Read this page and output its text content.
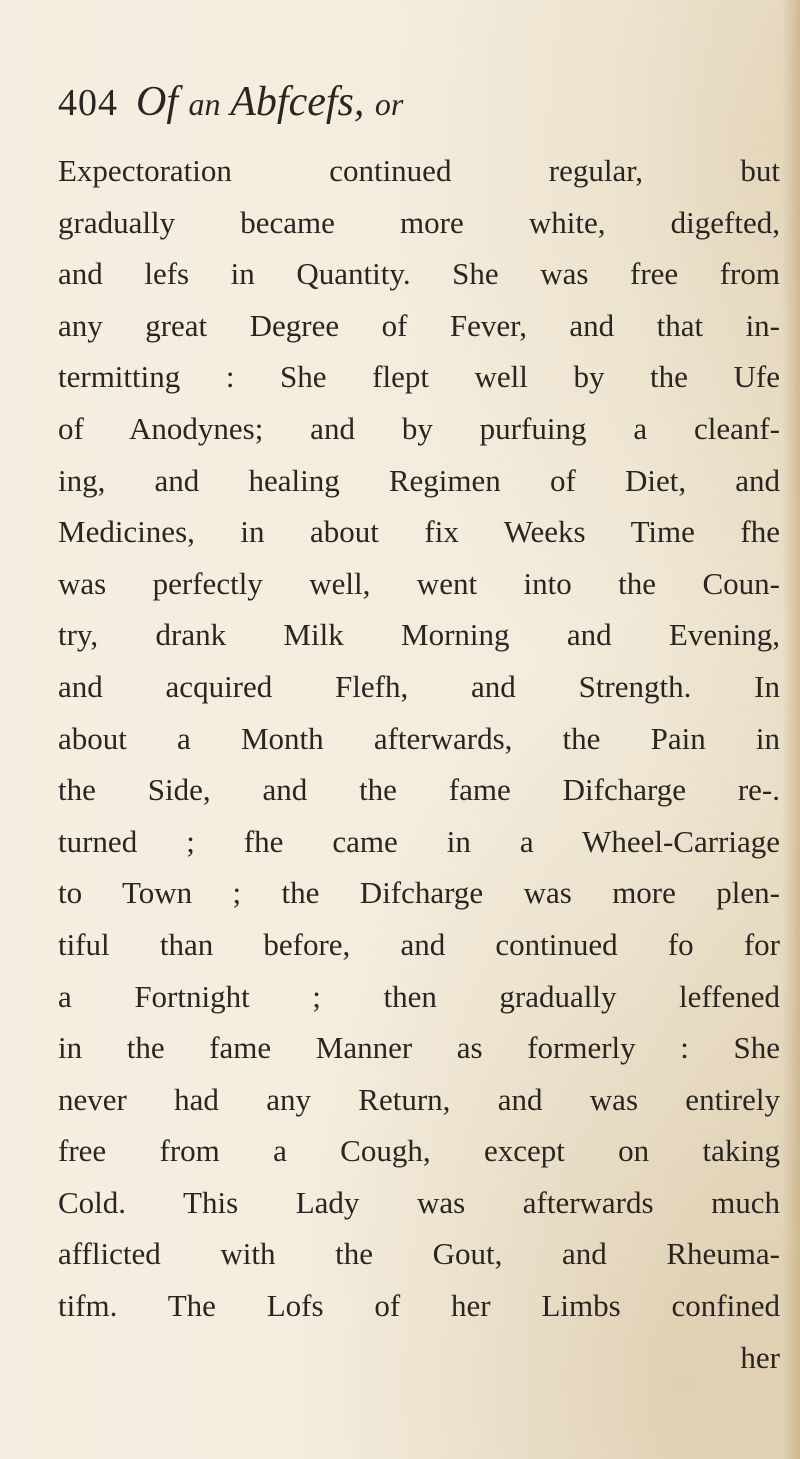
404 Of an Abfcefs, or
Expectoration continued regular, but
gradually became more white, digefted,
and lefs in Quantity. She was free from
any great Degree of Fever, and that in-
termitting : She flept well by the Ufe
of Anodynes; and by purfuing a cleanf-
ing, and healing Regimen of Diet, and
Medicines, in about fix Weeks Time fhe
was perfectly well, went into the Coun-
try, drank Milk Morning and Evening,
and acquired Flefh, and Strength. In
about a Month afterwards, the Pain in
the Side, and the fame Difcharge re-.
turned ; fhe came in a Wheel-Carriage
to Town ; the Difcharge was more plen-
tiful than before, and continued fo for
a Fortnight ; then gradually leffened
in the fame Manner as formerly : She
never had any Return, and was entirely
free from a Cough, except on taking
Cold. This Lady was afterwards much
afflicted with the Gout, and Rheuma-
tifm. The Lofs of her Limbs confined
her
